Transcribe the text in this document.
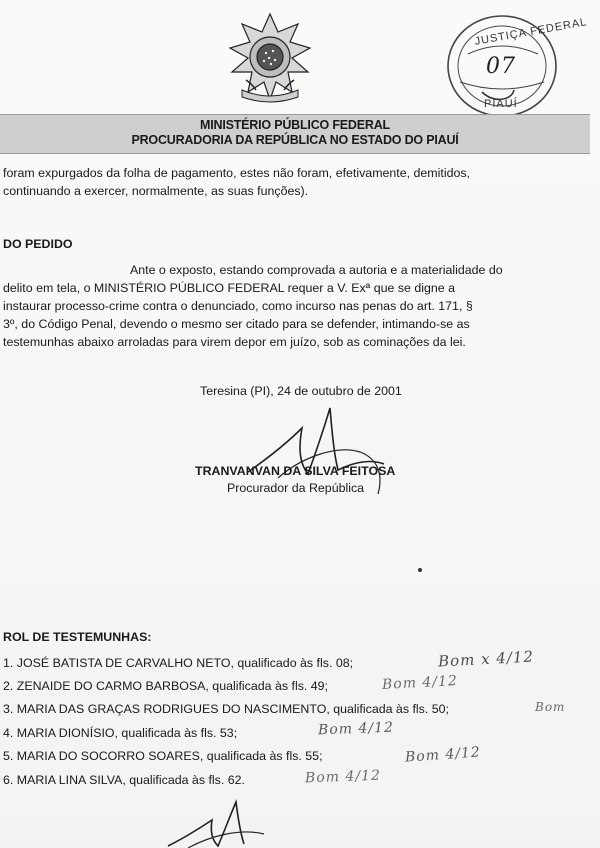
JUSTIÇA FEDERAL
07
PIAUÍ
MINISTÉRIO PÚBLICO FEDERAL
PROCURADORIA DA REPÚBLICA NO ESTADO DO PIAUÍ
foram expurgados da folha de pagamento, estes não foram, efetivamente, demitidos,
continuando a exercer, normalmente, as suas funções).
DO PEDIDO
Ante o exposto, estando comprovada a autoria e a materialidade do
delito em tela, o MINISTÉRIO PÚBLICO FEDERAL requer a V. Exª que se digne a
instaurar processo-crime contra o denunciado, como incurso nas penas do art. 171, §
3º, do Código Penal, devendo o mesmo ser citado para se defender, intimando-se as
testemunhas abaixo arroladas para virem depor em juízo, sob as cominações da lei.
Teresina (PI), 24 de outubro de 2001
TRANVANVAN DA SILVA FEITOSA
Procurador da República
ROL DE TESTEMUNHAS:
1. JOSÉ BATISTA DE CARVALHO NETO, qualificado às fls. 08;
2. ZENAIDE DO CARMO BARBOSA, qualificada às fls. 49;
3. MARIA DAS GRAÇAS RODRIGUES DO NASCIMENTO, qualificada às fls. 50;
4. MARIA DIONÍSIO, qualificada às fls. 53;
5. MARIA DO SOCORRO SOARES, qualificada às fls. 55;
6. MARIA LINA SILVA, qualificada às fls. 62.
Bom x 4/12
Bom 4/12
Bom
Bom 4/12
Bom 4/12
Bom 4/12
